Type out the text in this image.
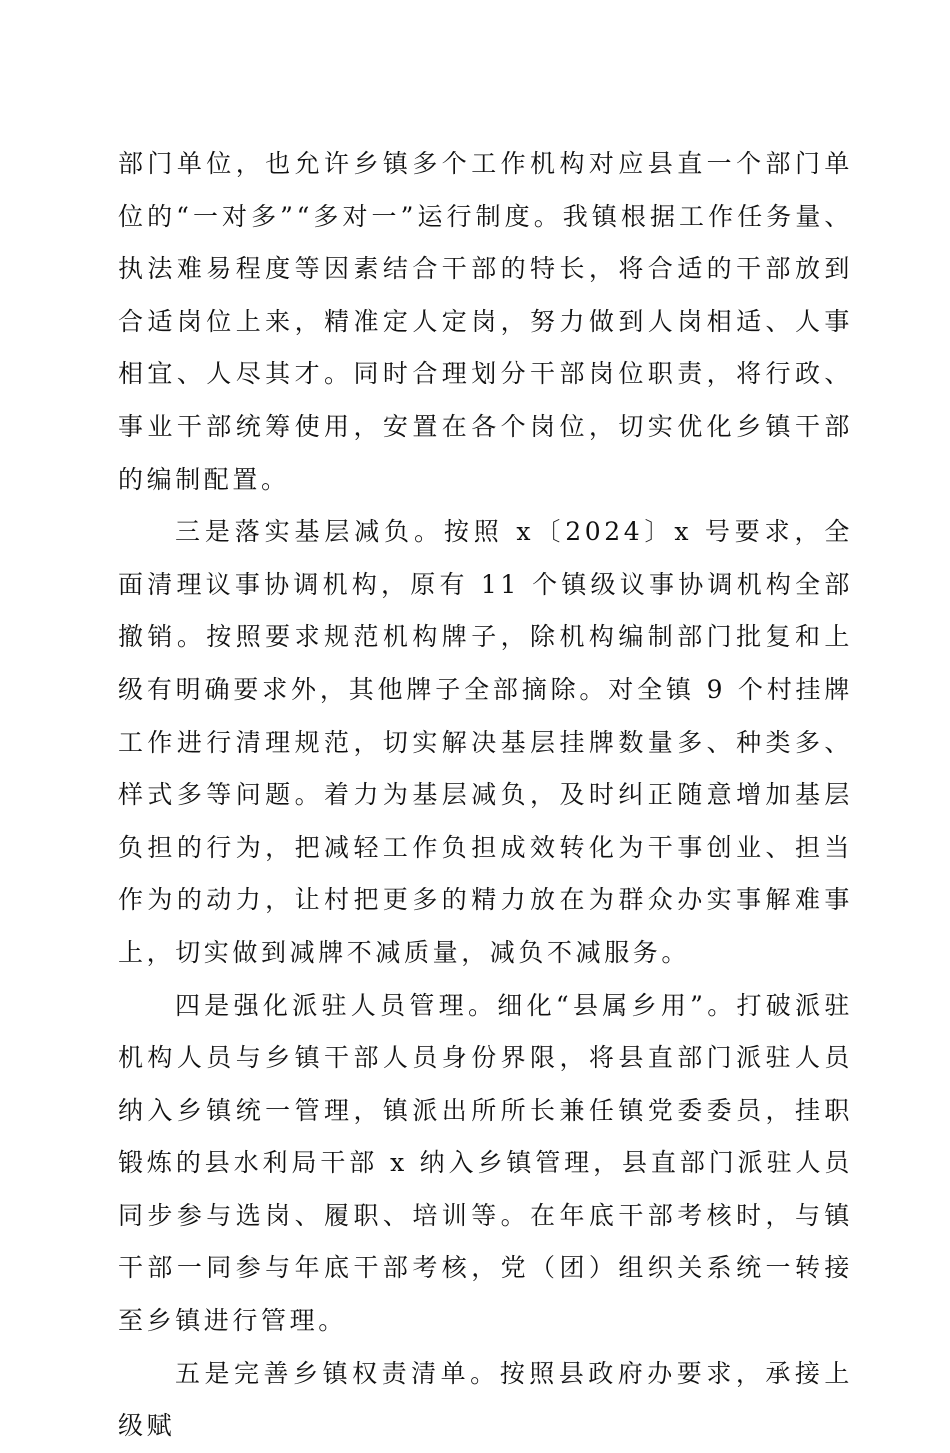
部门单位，也允许乡镇多个工作机构对应县直一个部门单位的“一对多”“多对一”运行制度。我镇根据工作任务量、执法难易程度等因素结合干部的特长，将合适的干部放到合适岗位上来，精准定人定岗，努力做到人岗相适、人事相宜、人尽其才。同时合理划分干部岗位职责，将行政、事业干部统筹使用，安置在各个岗位，切实优化乡镇干部的编制配置。

三是落实基层减负。按照 x〔2024〕x 号要求，全面清理议事协调机构，原有 11 个镇级议事协调机构全部撤销。按照要求规范机构牌子，除机构编制部门批复和上级有明确要求外，其他牌子全部摘除。对全镇 9 个村挂牌工作进行清理规范，切实解决基层挂牌数量多、种类多、样式多等问题。着力为基层减负，及时纠正随意增加基层负担的行为，把减轻工作负担成效转化为干事创业、担当作为的动力，让村把更多的精力放在为群众办实事解难事上，切实做到减牌不减质量，减负不减服务。

四是强化派驻人员管理。细化“县属乡用”。打破派驻机构人员与乡镇干部人员身份界限，将县直部门派驻人员纳入乡镇统一管理，镇派出所所长兼任镇党委委员，挂职锻炼的县水利局干部 x 纳入乡镇管理，县直部门派驻人员同步参与选岗、履职、培训等。在年底干部考核时，与镇干部一同参与年底干部考核，党（团）组织关系统一转接至乡镇进行管理。

五是完善乡镇权责清单。按照县政府办要求，承接上级赋
